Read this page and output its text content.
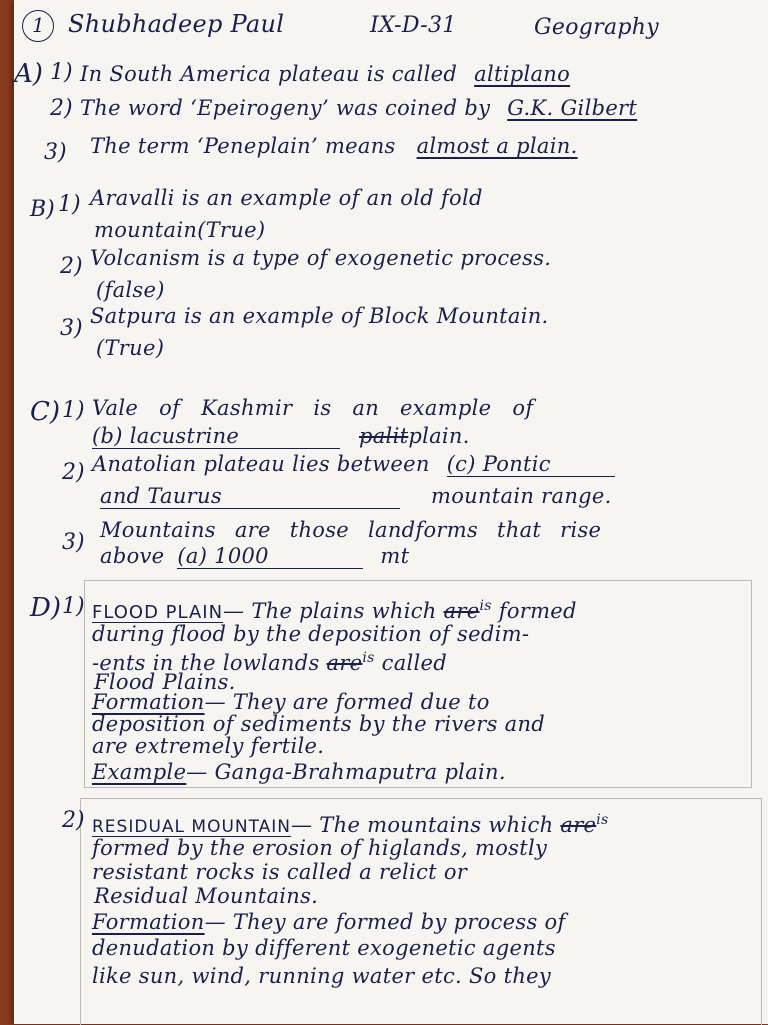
1 Shubhadeep Paul	IX-D-31	Geography
A) 1) In South America plateau is called altiplano
2) The word ‘Epeirogeny’ was coined by G.K. Gilbert
3) The term ‘Peneplain’ means almost a plain.
B) 1) Aravalli is an example of an old fold
mountain(True)
2) Volcanism is a type of exogenetic process.
(false)
3) Satpura is an example of Block Mountain.
(True)
C) 1) Vale of Kashmir is an example of
(b) lacustrine	palitplain.
2) Anatolian plateau lies between (c) Pontic
and Taurus	mountain range.
3) Mountains are those landforms that rise
above (a) 1000	mt
D) 1) FLOOD PLAIN— The plains which are$^{is}$ formed
during flood by the deposition of sedim-
-ents in the lowlands are$^{is}$ called
Flood Plains.
Formation— They are formed due to
deposition of sediments by the rivers and
are extremely fertile.
Example— Ganga-Brahmaputra plain.
2) RESIDUAL MOUNTAIN— The mountains which are$^{is}$
formed by the erosion of higlands, mostly
resistant rocks is called a relict or
Residual Mountains.
Formation— They are formed by process of
denudation by different exogenetic agents
like sun, wind, running water etc. So they
